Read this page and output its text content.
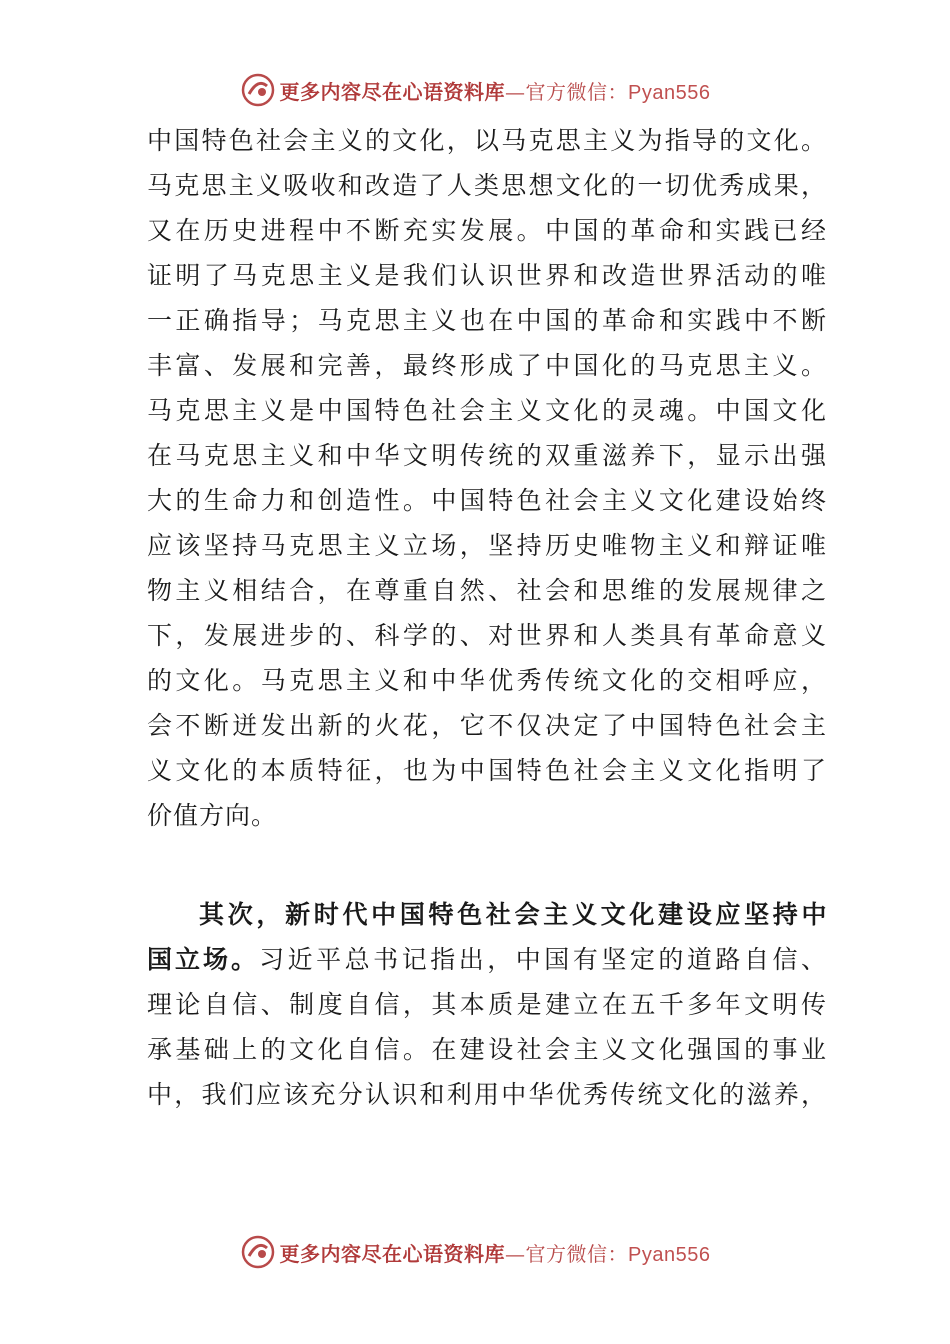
更多内容尽在心语资料库—官方微信：Pyan556
中国特色社会主义的文化，以马克思主义为指导的文化。
马克思主义吸收和改造了人类思想文化的一切优秀成果，
又在历史进程中不断充实发展。中国的革命和实践已经
证明了马克思主义是我们认识世界和改造世界活动的唯
一正确指导；马克思主义也在中国的革命和实践中不断
丰富、发展和完善，最终形成了中国化的马克思主义。
马克思主义是中国特色社会主义文化的灵魂。中国文化
在马克思主义和中华文明传统的双重滋养下，显示出强
大的生命力和创造性。中国特色社会主义文化建设始终
应该坚持马克思主义立场，坚持历史唯物主义和辩证唯
物主义相结合，在尊重自然、社会和思维的发展规律之
下，发展进步的、科学的、对世界和人类具有革命意义
的文化。马克思主义和中华优秀传统文化的交相呼应，
会不断迸发出新的火花，它不仅决定了中国特色社会主
义文化的本质特征，也为中国特色社会主义文化指明了
价值方向。
其次，新时代中国特色社会主义文化建设应坚持中
国立场。习近平总书记指出，中国有坚定的道路自信、
理论自信、制度自信，其本质是建立在五千多年文明传
承基础上的文化自信。在建设社会主义文化强国的事业
中，我们应该充分认识和利用中华优秀传统文化的滋养，
更多内容尽在心语资料库—官方微信：Pyan556
